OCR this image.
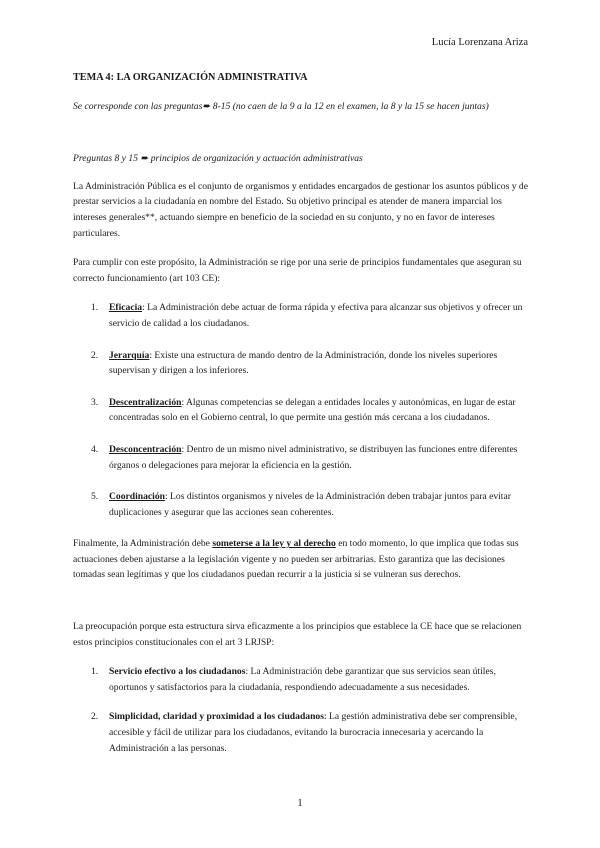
Lucía Lorenzana Ariza
TEMA 4: LA ORGANIZACIÓN ADMINISTRATIVA
Se corresponde con las preguntas➨ 8-15 (no caen de la 9 a la 12 en el examen, la 8 y la 15 se hacen juntas)
Preguntas 8 y 15 ➨ principios de organización y actuación administrativas

La Administración Pública es el conjunto de organismos y entidades encargados de gestionar los asuntos públicos y de prestar servicios a la ciudadanía en nombre del Estado. Su objetivo principal es atender de manera imparcial los intereses generales**, actuando siempre en beneficio de la sociedad en su conjunto, y no en favor de intereses particulares.

Para cumplir con este propósito, la Administración se rige por una serie de principios fundamentales que aseguran su correcto funcionamiento (art 103 CE):

1.	Eficacia: La Administración debe actuar de forma rápida y efectiva para alcanzar sus objetivos y ofrecer un servicio de calidad a los ciudadanos.
2.	Jerarquía: Existe una estructura de mando dentro de la Administración, donde los niveles superiores supervisan y dirigen a los inferiores.
3.	Descentralización: Algunas competencias se delegan a entidades locales y autonómicas, en lugar de estar concentradas solo en el Gobierno central, lo que permite una gestión más cercana a los ciudadanos.
4.	Desconcentración: Dentro de un mismo nivel administrativo, se distribuyen las funciones entre diferentes órganos o delegaciones para mejorar la eficiencia en la gestión.
5.	Coordinación: Los distintos organismos y niveles de la Administración deben trabajar juntos para evitar duplicaciones y asegurar que las acciones sean coherentes.

Finalmente, la Administración debe someterse a la ley y al derecho en todo momento, lo que implica que todas sus actuaciones deben ajustarse a la legislación vigente y no pueden ser arbitrarias. Esto garantiza que las decisiones tomadas sean legítimas y que los ciudadanos puedan recurrir a la justicia si se vulneran sus derechos.

La preocupación porque esta estructura sirva eficazmente a los principios que establece la CE hace que se relacionen estos principios constitucionales con el art 3 LRJSP:

1.	Servicio efectivo a los ciudadanos: La Administración debe garantizar que sus servicios sean útiles, oportunos y satisfactorios para la ciudadanía, respondiendo adecuadamente a sus necesidades.
2.	Simplicidad, claridad y proximidad a los ciudadanos: La gestión administrativa debe ser comprensible, accesible y fácil de utilizar para los ciudadanos, evitando la burocracia innecesaria y acercando la Administración a las personas.
1
